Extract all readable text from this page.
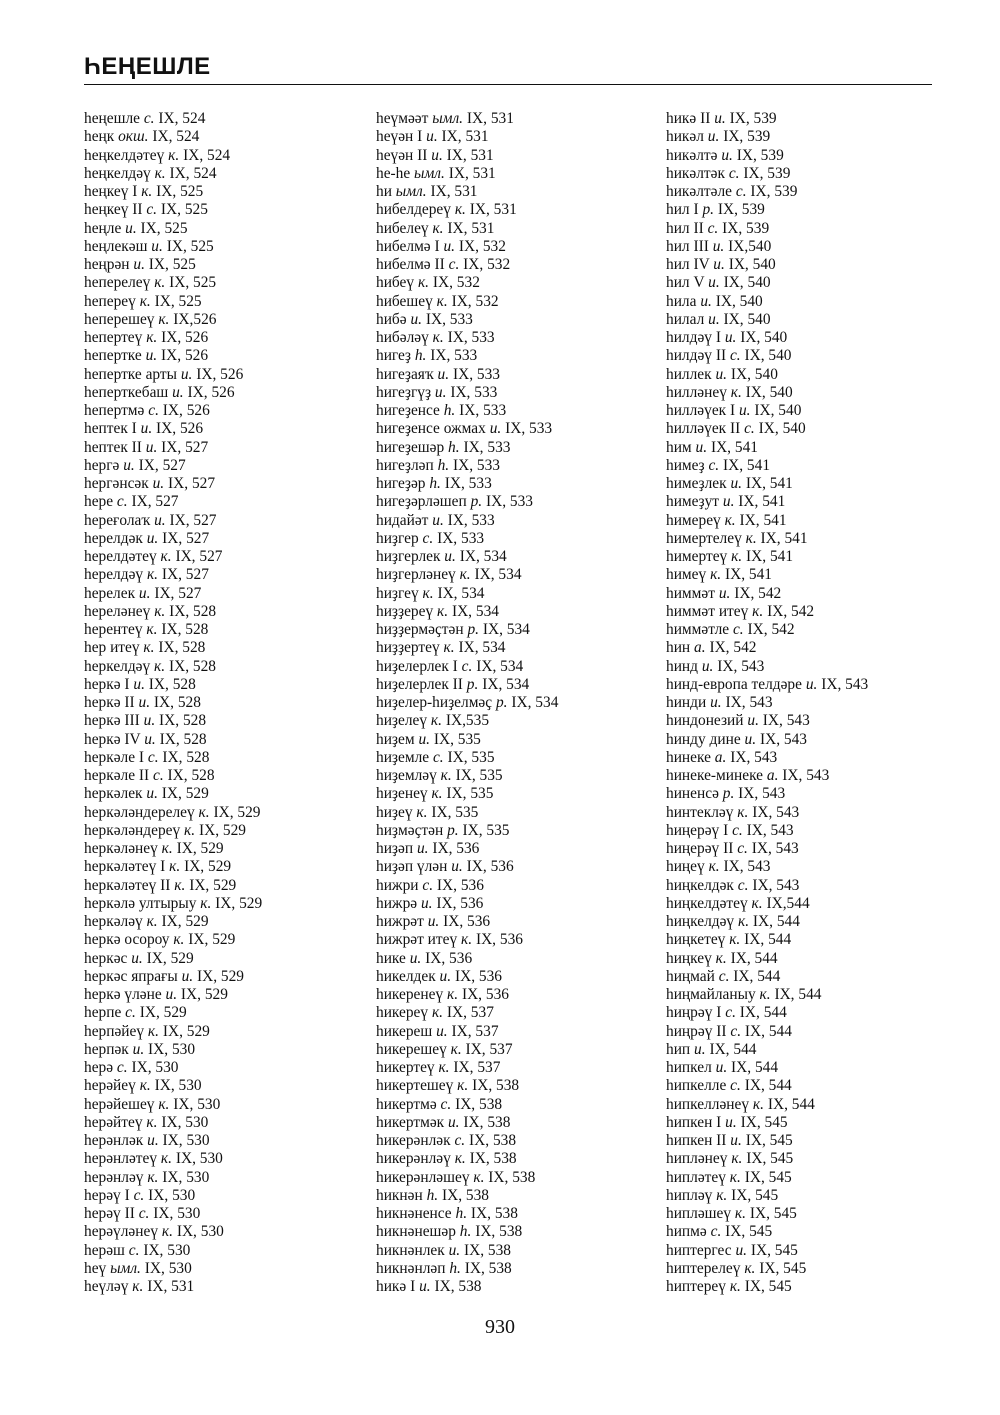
ҺЕҢЕШЛЕ
һеңешле с. IX, 524
һеңк окш. IX, 524
һеңкелдәтеү к. IX, 524
һеңкелдәү к. IX, 524
һеңкеү I к. IX, 525
һеңкеү II с. IX, 525
һеңле и. IX, 525
һеңлекәш и. IX, 525
һеңрән и. IX, 525
һеперелеү к. IX, 525
һепереү к. IX, 525
һеперешеү к. IX,526
һепертеү к. IX, 526
һепертке и. IX, 526
һепертке арты и. IX, 526
һеперткебаш и. IX, 526
һепертмә с. IX, 526
һептек I и. IX, 526
һептек II и. IX, 527
һергә и. IX, 527
һергәнсәк и. IX, 527
һере с. IX, 527
һереғолаҡ и. IX, 527
һерелдәк и. IX, 527
һерелдәтеү к. IX, 527
һерелдәү к. IX, 527
һерелек и. IX, 527
һереләнеү к. IX, 528
һерентеү к. IX, 528
һер итеү к. IX, 528
һеркелдәү к. IX, 528
һеркә I и. IX, 528
һеркә II и. IX, 528
һеркә III и. IX, 528
һеркә IV и. IX, 528
һеркәле I с. IX, 528
һеркәле II с. IX, 528
һеркәлек и. IX, 529
һеркәләндерелеү к. IX, 529
һеркәләндереү к. IX, 529
һеркәләнеү к. IX, 529
һеркәләтеү I к. IX, 529
һеркәләтеү II к. IX, 529
һеркәлә ултырыу к. IX, 529
һеркәләү к. IX, 529
һеркә осороу к. IX, 529
һеркәс и. IX, 529
һеркәс япрағы и. IX, 529
һеркә үләне и. IX, 529
һерпе с. IX, 529
һерпәйеү к. IX, 529
һерпәк и. IX, 530
һерә с. IX, 530
һерәйеү к. IX, 530
һерәйешеү к. IX, 530
һерәйтеү к. IX, 530
һерәнләк и. IX, 530
һерәнләтеү к. IX, 530
һерәнләү к. IX, 530
һерәү I с. IX, 530
һерәү II с. IX, 530
һерәүләнеү к. IX, 530
һерәш с. IX, 530
һеү ымл. IX, 530
һеүләү к. IX, 531
һеүмәәт ымл. IX, 531
һеүән I и. IX, 531
һеүән II и. IX, 531
һе-һе ымл. IX, 531
һи ымл. IX, 531
һибелдереү к. IX, 531
һибелеү к. IX, 531
һибелмә I и. IX, 532
һибелмә II с. IX, 532
һибеү к. IX, 532
һибешеү к. IX, 532
һибә и. IX, 533
һибәләү к. IX, 533
һигеҙ һ. IX, 533
һигеҙаяҡ и. IX, 533
һигеҙгүҙ и. IX, 533
һигеҙенсе һ. IX, 533
һигеҙенсе ожмах и. IX, 533
һигеҙешәр һ. IX, 533
һигеҙләп һ. IX, 533
һигеҙәр һ. IX, 533
һигеҙәрләшеп р. IX, 533
һидайәт и. IX, 533
һиҙгер с. IX, 533
һиҙгерлек и. IX, 534
һиҙгерләнеү к. IX, 534
һиҙгеү к. IX, 534
һиҙҙереү к. IX, 534
һиҙҙермәҫтән р. IX, 534
һиҙҙертеү к. IX, 534
һиҙелерлек I с. IX, 534
һиҙелерлек II р. IX, 534
һиҙелер-һиҙелмәҫ р. IX, 534
һиҙелеү к. IX,535
һиҙем и. IX, 535
һиҙемле с. IX, 535
һиҙемләү к. IX, 535
һиҙенеү к. IX, 535
һиҙеү к. IX, 535
һиҙмәҫтән р. IX, 535
һиҙәп и. IX, 536
һиҙәп үлән и. IX, 536
һижри с. IX, 536
һижрә и. IX, 536
һижрәт и. IX, 536
һижрәт итеү к. IX, 536
һике и. IX, 536
һикелдек и. IX, 536
һикеренеү к. IX, 536
һикереү к. IX, 537
һикереш и. IX, 537
һикерешеү к. IX, 537
һикертеү к. IX, 537
һикертешеү к. IX, 538
һикертмә с. IX, 538
һикертмәк и. IX, 538
һикерәнләк с. IX, 538
һикерәнләү к. IX, 538
һикерәнләшеү к. IX, 538
һикнән һ. IX, 538
һикнәненсе һ. IX, 538
һикнәнешәр һ. IX, 538
һикнәнлек и. IX, 538
һикнәнләп һ. IX, 538
һикә I и. IX, 538
һикә II и. IX, 539
һикәл и. IX, 539
һикәлтә и. IX, 539
һикәлтәк с. IX, 539
һикәлтәле с. IX, 539
һил I р. IX, 539
һил II с. IX, 539
һил III и. IX,540
һил IV и. IX, 540
һил V и. IX, 540
һила и. IX, 540
һилал и. IX, 540
һилдәү I и. IX, 540
һилдәү II с. IX, 540
һиллек и. IX, 540
һилләнеү к. IX, 540
һилләүек I и. IX, 540
һилләүек II с. IX, 540
һим и. IX, 541
һимеҙ с. IX, 541
һимеҙлек и. IX, 541
һимеҙут и. IX, 541
һимереү к. IX, 541
һимертелеү к. IX, 541
һимертеү к. IX, 541
һимеү к. IX, 541
һиммәт и. IX, 542
һиммәт итеү к. IX, 542
һиммәтле с. IX, 542
һин а. IX, 542
һинд и. IX, 543
һинд-европа телдәре и. IX, 543
һинди и. IX, 543
һиндонезий и. IX, 543
һинду дине и. IX, 543
һинеке а. IX, 543
һинеке-минеке а. IX, 543
һиненсә р. IX, 543
һинтекләү к. IX, 543
һиңерәү I с. IX, 543
һиңерәү II с. IX, 543
һиңеү к. IX, 543
һиңкелдәк с. IX, 543
һиңкелдәтеү к. IX,544
һиңкелдәү к. IX, 544
һиңкетеү к. IX, 544
һиңкеү к. IX, 544
һиңмай с. IX, 544
һиңмайланыу к. IX, 544
һиңрәү I с. IX, 544
һиңрәү II с. IX, 544
һип и. IX, 544
һипкел и. IX, 544
һипкелле с. IX, 544
һипкелләнеү к. IX, 544
һипкен I и. IX, 545
һипкен II и. IX, 545
һипләнеү к. IX, 545
һипләтеү к. IX, 545
һипләү к. IX, 545
һипләшеү к. IX, 545
һипмә с. IX, 545
һиптергес и. IX, 545
һиптерелеү к. IX, 545
һиптереү к. IX, 545
930
